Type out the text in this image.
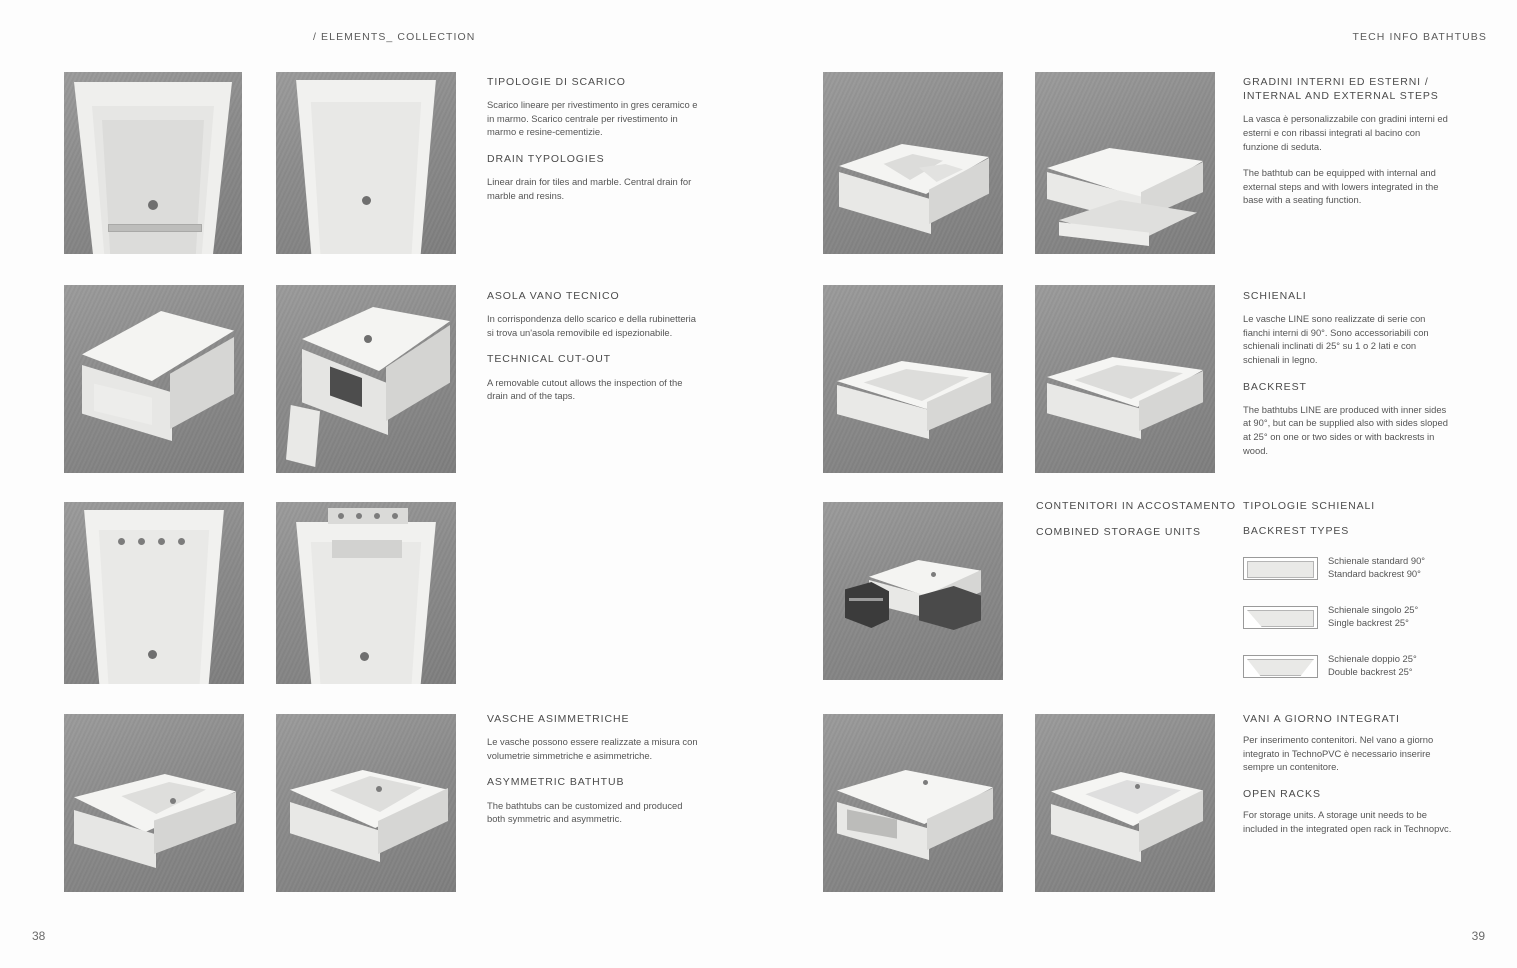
/ ELEMENTS_ COLLECTION	TECH INFO BATHTUBS
38	39

TIPOLOGIE DI SCARICO

Scarico lineare per rivestimento in gres ceramico e in marmo. Scarico centrale per rivestimento in marmo e resine-cementizie.

DRAIN TYPOLOGIES

Linear drain for tiles and marble. Central drain for marble and resins.

ASOLA VANO TECNICO

In corrispondenza dello scarico e della rubinetteria si trova un'asola removibile ed ispezionabile.

TECHNICAL CUT-OUT

A removable cutout allows the inspection of the drain and of the taps.

VASCHE ASIMMETRICHE

Le vasche possono essere realizzate a misura con volumetrie simmetriche e asimmetriche.

ASYMMETRIC BATHTUB

The bathtubs can be customized and produced both symmetric and asymmetric.

GRADINI INTERNI ED ESTERNI / INTERNAL AND EXTERNAL STEPS

La vasca è personalizzabile con gradini interni ed esterni e con ribassi integrati al bacino con funzione di seduta.

The bathtub can be equipped with internal and external steps and with lowers integrated in the base with a seating function.

SCHIENALI

Le vasche LINE sono realizzate di serie con fianchi interni di 90°. Sono accessoriabili con schienali inclinati di 25° su 1 o 2 lati e con schienali in legno.

BACKREST

The bathtubs LINE are produced with inner sides at 90°, but can be supplied also with sides sloped at 25° on one or two sides or with backrests in wood.

CONTENITORI IN ACCOSTAMENTO
COMBINED STORAGE UNITS
TIPOLOGIE SCHIENALI
BACKREST TYPES
Schienale standard 90°
Standard backrest 90°
Schienale singolo 25°
Single backrest 25°
Schienale doppio 25°
Double backrest 25°

VANI A GIORNO INTEGRATI

Per inserimento contenitori. Nel vano a giorno integrato in TechnoPVC è necessario inserire sempre un contenitore.

OPEN RACKS

For storage units. A storage unit needs to be included in the integrated open rack in Technopvc.
